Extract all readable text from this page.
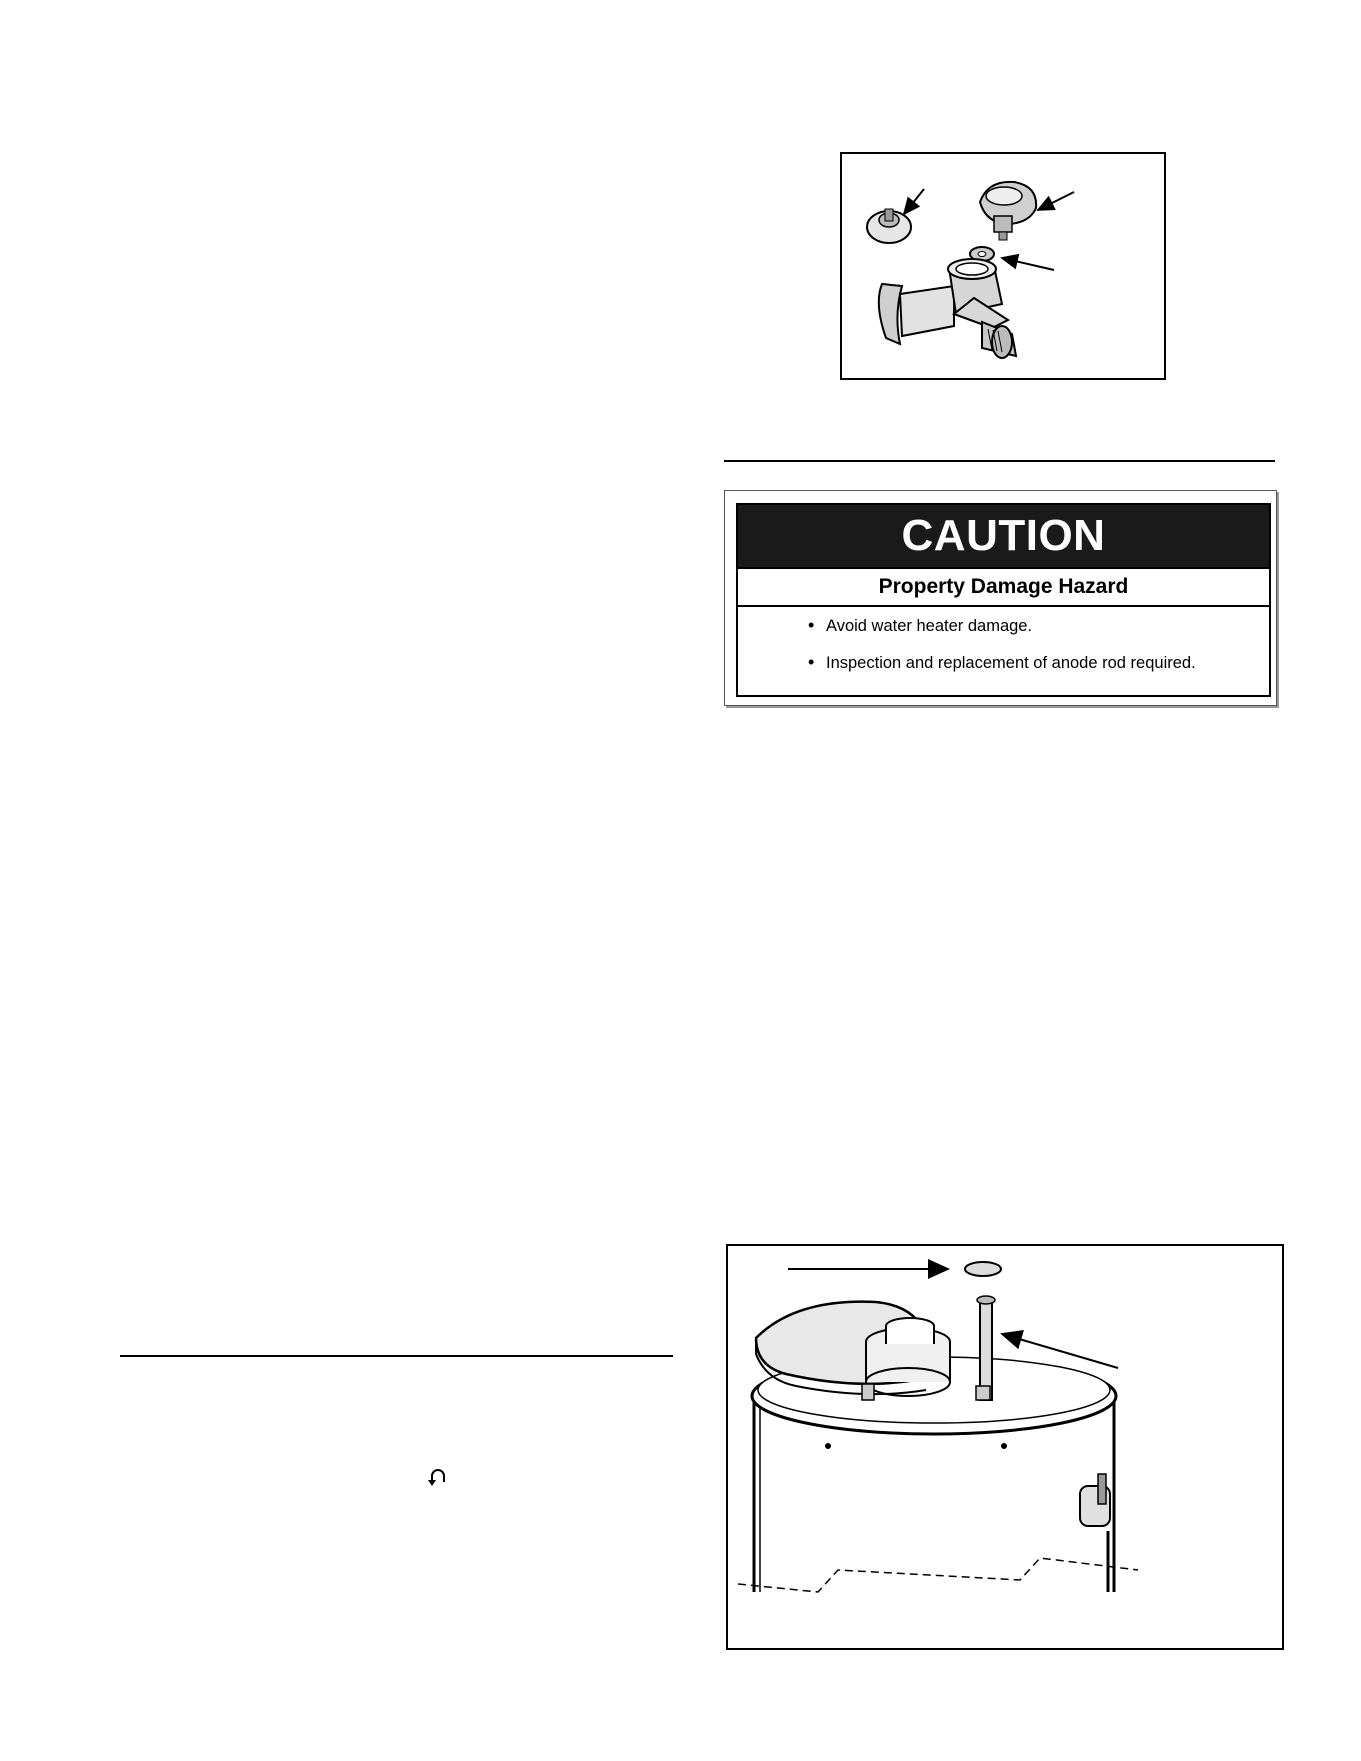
CAUTION
Property Damage Hazard
• Avoid water heater damage.
• Inspection and replacement of anode rod required.
